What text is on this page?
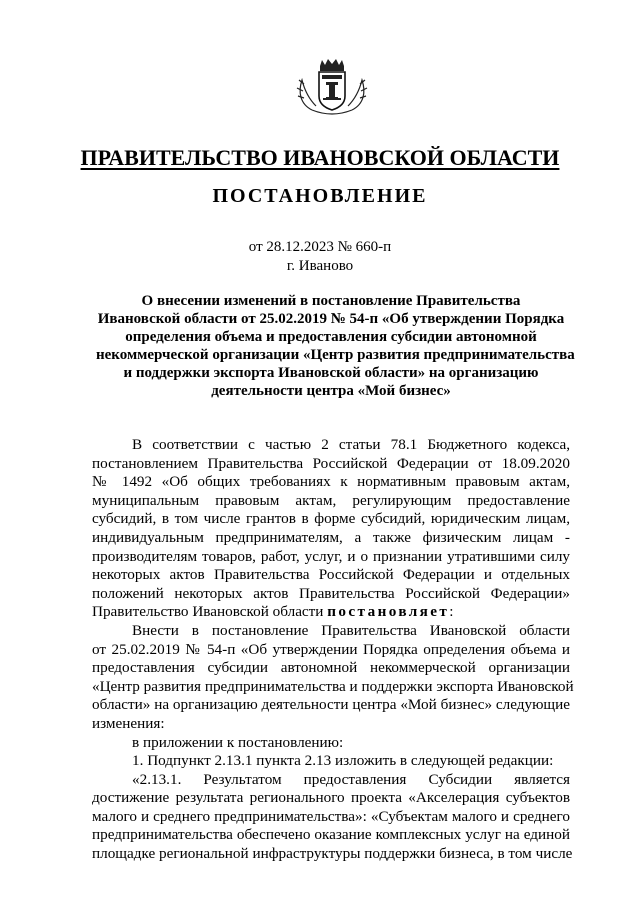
ПРАВИТЕЛЬСТВО ИВАНОВСКОЙ ОБЛАСТИ
ПОСТАНОВЛЕНИЕ
от 28.12.2023 № 660-п
г. Иваново
О внесении изменений в постановление Правительства
Ивановской области от 25.02.2019 № 54-п «Об утверждении Порядка
определения объема и предоставления субсидии автономной
некоммерческой организации «Центр развития предпринимательства
и поддержки экспорта Ивановской области» на организацию
деятельности центра «Мой бизнес»
В соответствии с частью 2 статьи 78.1 Бюджетного кодекса,
постановлением Правительства Российской Федерации от 18.09.2020
№ 1492 «Об общих требованиях к нормативным правовым актам,
муниципальным правовым актам, регулирующим предоставление
субсидий, в том числе грантов в форме субсидий, юридическим лицам,
индивидуальным предпринимателям, а также физическим лицам -
производителям товаров, работ, услуг, и о признании утратившими силу
некоторых актов Правительства Российской Федерации и отдельных
положений некоторых актов Правительства Российской Федерации»
Правительство Ивановской области постановляет:
Внести в постановление Правительства Ивановской области
от 25.02.2019 № 54-п «Об утверждении Порядка определения объема и
предоставления субсидии автономной некоммерческой организации
«Центр развития предпринимательства и поддержки экспорта Ивановской
области» на организацию деятельности центра «Мой бизнес» следующие
изменения:
в приложении к постановлению:
1. Подпункт 2.13.1 пункта 2.13 изложить в следующей редакции:
«2.13.1. Результатом предоставления Субсидии является
достижение результата регионального проекта «Акселерация субъектов
малого и среднего предпринимательства»: «Субъектам малого и среднего
предпринимательства обеспечено оказание комплексных услуг на единой
площадке региональной инфраструктуры поддержки бизнеса, в том числе
